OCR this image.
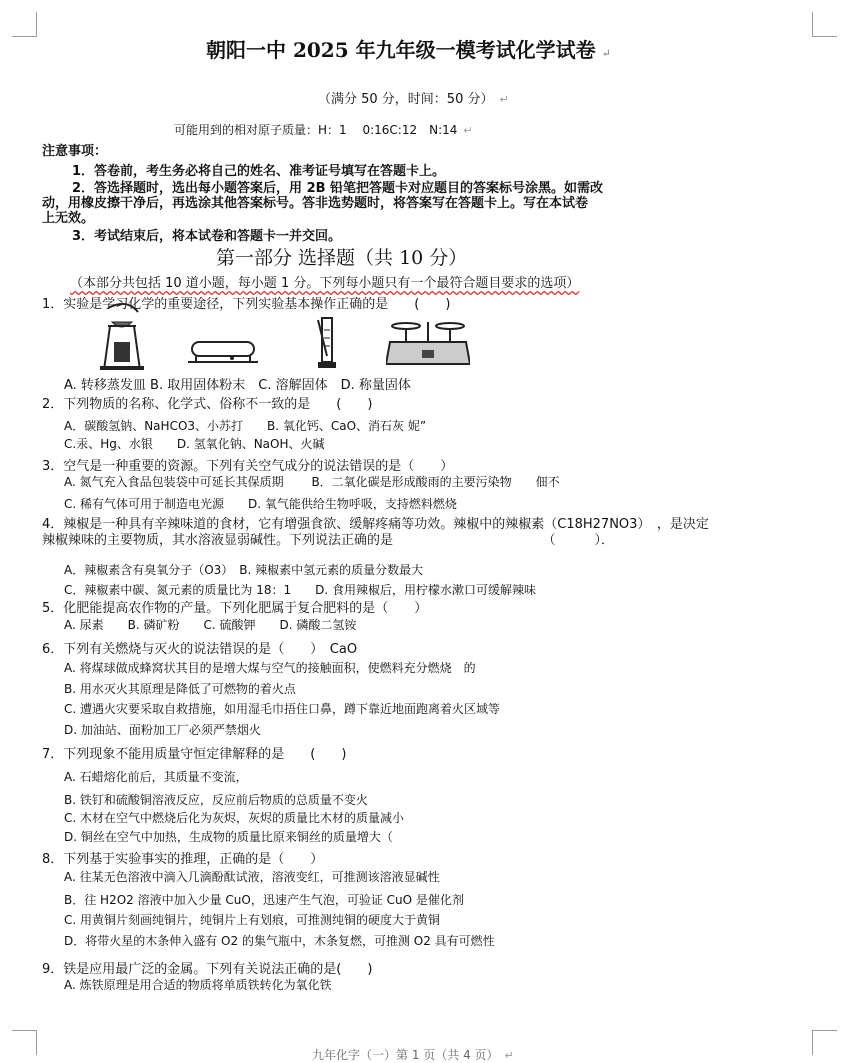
朝阳一中 2025 年九年级一模考试化学试卷 ↵
（满分 50 分，时间：50 分） ↵
可能用到的相对原子质量：H：1　 0:16C:12　N:14 ↵
注意事项：
1．答卷前，考生务必将自己的姓名、准考证号填写在答题卡上。
2．答选择题时，选出每小题答案后，用 2B 铅笔把答题卡对应题目的答案标号涂黑。如需改
动，用橡皮擦干净后，再选涂其他答案标号。答非选势题时，将答案写在答题卡上。写在本试卷
上无效。
3．考试结束后，将本试卷和答题卡一并交回。
第一部分 选择题（共 10 分）
（本部分共包括 10 道小题，每小题 1 分。下列每小题只有一个最符合题目要求的选项）
1．实验是学习化学的重要途径，下列实验基本操作正确的是　　(　　)
A. 转移蒸发皿 B. 取用固体粉末　C. 溶解固体　D. 称量固体
2．下列物质的名称、化学式、俗称不一致的是　　(　　)
A．碳酸氢钠、NaHCO3、小苏打　　B. 氧化钙、CaO、消石灰 妮”
C.汞、Hg、水银　　D. 氢氧化钠、NaOH、火碱
3．空气是一种重要的资源。下列有关空气成分的说法错误的是（　　）
A. 氮气充入食品包装袋中可延长其保质期　　 B．二氧化碳是形成酸雨的主要污染物　　佃不
C. 稀有气体可用于制造电光源　　D. 氧气能供给生物呼吸，支持燃料燃烧
4．辣椒是一种具有辛辣味道的食材，它有增强食欲、缓解疼痛等功效。辣椒中的辣椒素（C18H27NO3）　，是决定
辣椒辣味的主要物质，其水溶液显弱碱性。下列说法正确的是　　　　　　　　　　　　（　　　）．
A．辣椒素含有臭氧分子（O3）　B. 辣椒素中氢元素的质量分数最大
C．辣椒素中碳、氮元素的质量比为 18：1　　D. 食用辣椒后，用柠檬水漱口可缓解辣味
5．化肥能提高农作物的产量。下列化肥属于复合肥料的是（　　）
A. 尿素　　B. 磷矿粉　　C. 硫酸钾　　D. 磷酸二氢铵
6．下列有关燃烧与灭火的说法错误的是（　　）　CaO
A. 将煤球做成蜂窝状其目的是增大煤与空气的接触面积，使燃料充分燃烧　的
B. 用水灭火其原理是降低了可燃物的着火点
C. 遭遇火灾要采取自救措施，如用湿毛巾捂住口鼻，蹲下靠近地面跑离着火区域等
D. 加油站、面粉加工厂必须严禁烟火
7．下列现象不能用质量守恒定律解释的是　　(　　)
A. 石蜡熔化前后，其质量不变流，
B. 铁钉和硫酸铜溶液反应，反应前后物质的总质量不变火
C. 木材在空气中燃烧后化为灰烬，灰烬的质量比木材的质量减小
D. 铜丝在空气中加热，生成物的质量比原来铜丝的质量增大（
8．下列基于实验事实的推理，正确的是（　　）
A. 往某无色溶液中滴入几滴酚酞试液，溶液变红，可推测该溶液显碱性
B．往 H2O2 溶液中加入少量 CuO，迅速产生气泡，可验证 CuO 是催化剂
C. 用黄铜片刻画纯铜片，纯铜片上有划痕，可推测纯铜的硬度大于黄铜
D．将带火星的木条伸入盛有 O2 的集气瓶中，木条复燃，可推测 O2 具有可燃性
9．铁是应用最广泛的金属。下列有关说法正确的是(　　)
A. 炼铁原理是用合适的物质将单质铁转化为氧化铁
九年化字（一）第 1 页（共 4 页） ↵
